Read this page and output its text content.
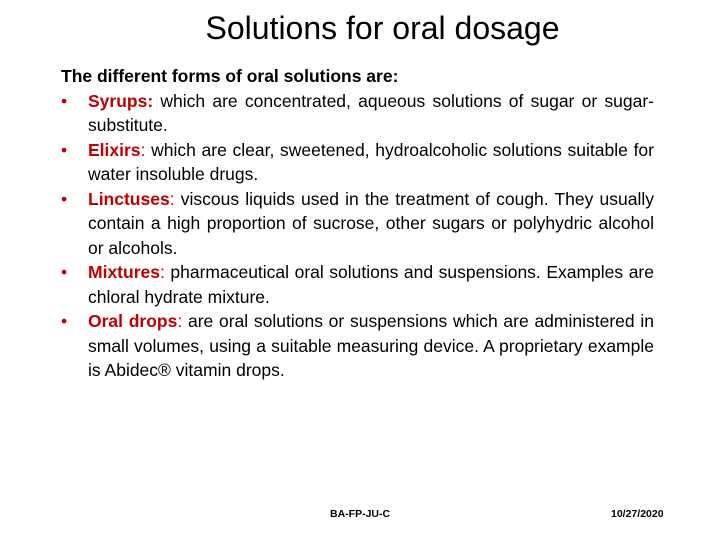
Solutions for oral dosage

The different forms of oral solutions are:

• Syrups: which are concentrated, aqueous solutions of sugar or sugar-substitute.
• Elixirs: which are clear, sweetened, hydroalcoholic solutions suitable for water insoluble drugs.
• Linctuses: viscous liquids used in the treatment of cough. They usually contain a high proportion of sucrose, other sugars or polyhydric alcohol or alcohols.
• Mixtures: pharmaceutical oral solutions and suspensions. Examples are chloral hydrate mixture.
• Oral drops: are oral solutions or suspensions which are administered in small volumes, using a suitable measuring device. A proprietary example is Abidec® vitamin drops.
BA-FP-JU-C	10/27/2020
